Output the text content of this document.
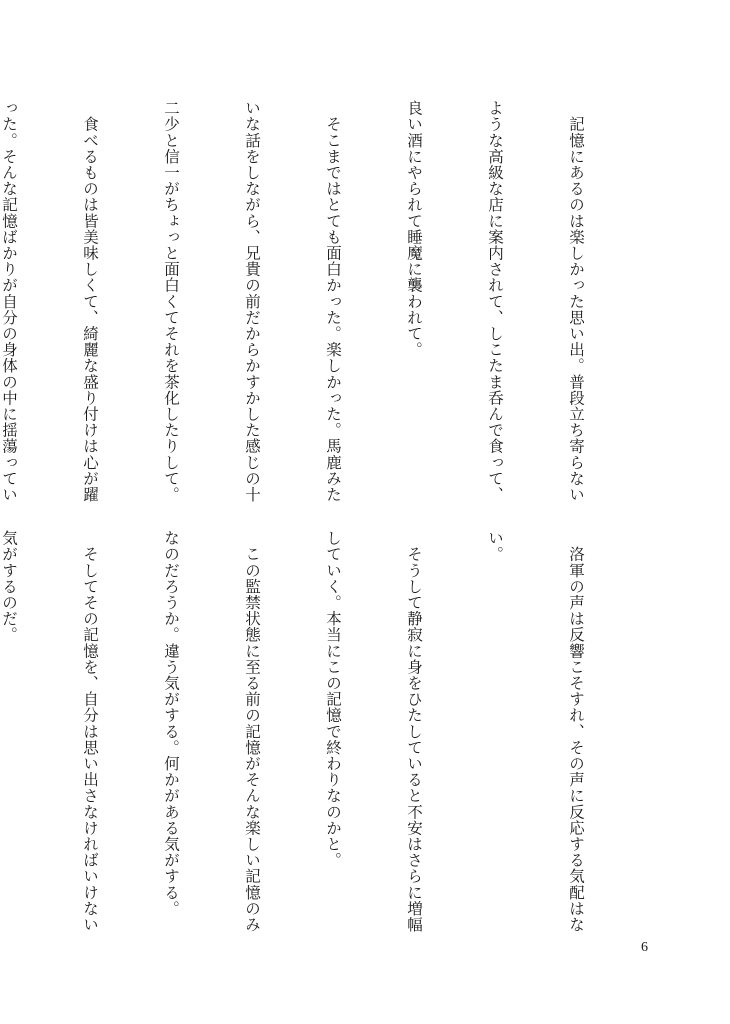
　記憶にあるのは楽しかった思い出。普段立ち寄らない

ような高級な店に案内されて、しこたま呑んで食って、

良い酒にやられて睡魔に襲われて。

　そこまではとても面白かった。楽しかった。馬鹿みた

いな話をしながら、兄貴の前だからかすかした感じの十

二少と信一がちょっと面白くてそれを茶化したりして。

　食べるものは皆美味しくて、綺麗な盛り付けは心が躍

った。そんな記憶ばかりが自分の身体の中に揺蕩ってい

　洛軍の声は反響こそすれ、その声に反応する気配はな

い。

　そうして静寂に身をひたしていると不安はさらに増幅

していく。本当にこの記憶で終わりなのかと。

　この監禁状態に至る前の記憶がそんな楽しい記憶のみ

なのだろうか。違う気がする。何かがある気がする。

　そしてその記憶を、自分は思い出さなければいけない

気がするのだ。

6
